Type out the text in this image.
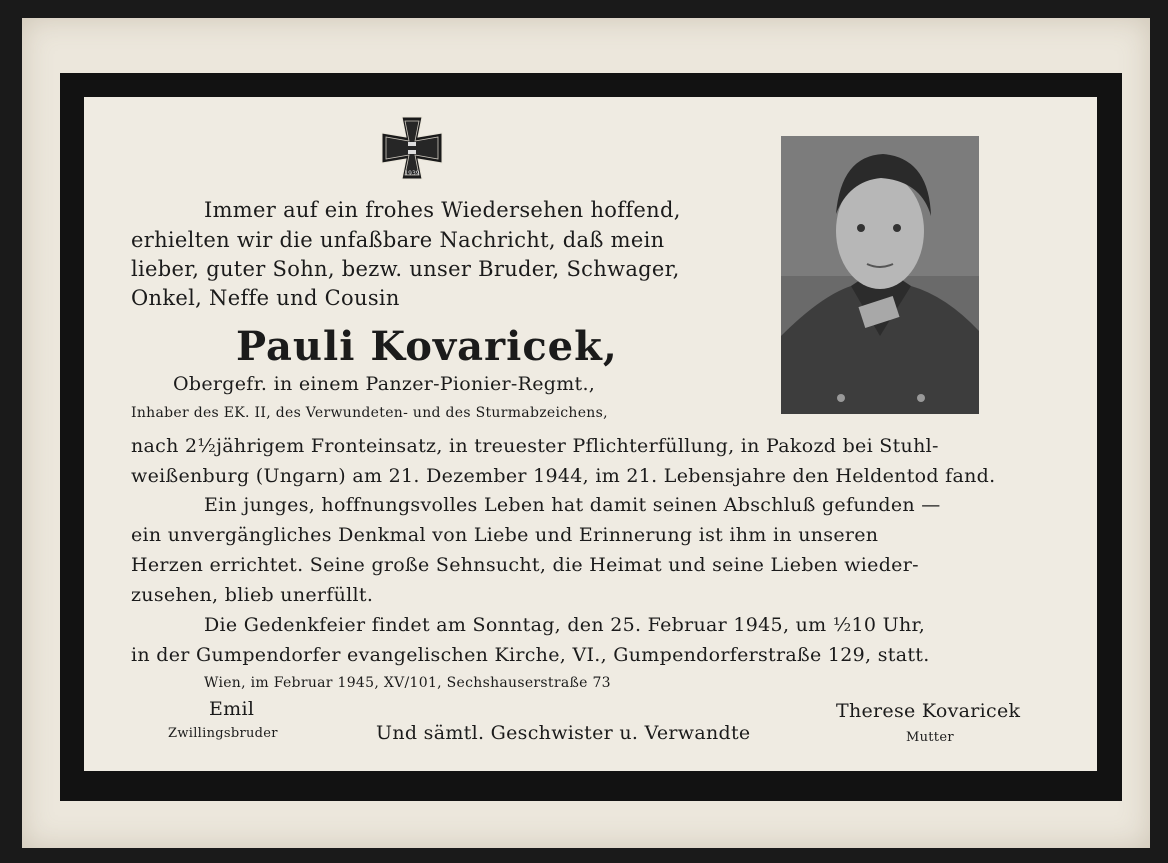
1939
Immer auf ein frohes Wiedersehen hoffend,
erhielten wir die unfaßbare Nachricht, daß mein
lieber, guter Sohn, bezw. unser Bruder, Schwager,
Onkel, Neffe und Cousin
Pauli Kovaricek,
Obergefr. in einem Panzer-Pionier-Regmt.,
Inhaber des EK. II, des Verwundeten- und des Sturmabzeichens,
nach 2½jährigem Fronteinsatz, in treuester Pflichterfüllung, in Pakozd bei Stuhl-
weißenburg (Ungarn) am 21. Dezember 1944, im 21. Lebensjahre den Heldentod fand.
Ein junges, hoffnungsvolles Leben hat damit seinen Abschluß gefunden —
ein unvergängliches Denkmal von Liebe und Erinnerung ist ihm in unseren
Herzen errichtet. Seine große Sehnsucht, die Heimat und seine Lieben wieder-
zusehen, blieb unerfüllt.
Die Gedenkfeier findet am Sonntag, den 25. Februar 1945, um ½10 Uhr,
in der Gumpendorfer evangelischen Kirche, VI., Gumpendorferstraße 129, statt.
Wien, im Februar 1945, XV/101, Sechshauserstraße 73
Emil
Zwillingsbruder	Und sämtl. Geschwister u. Verwandte
Therese Kovaricek
Mutter
